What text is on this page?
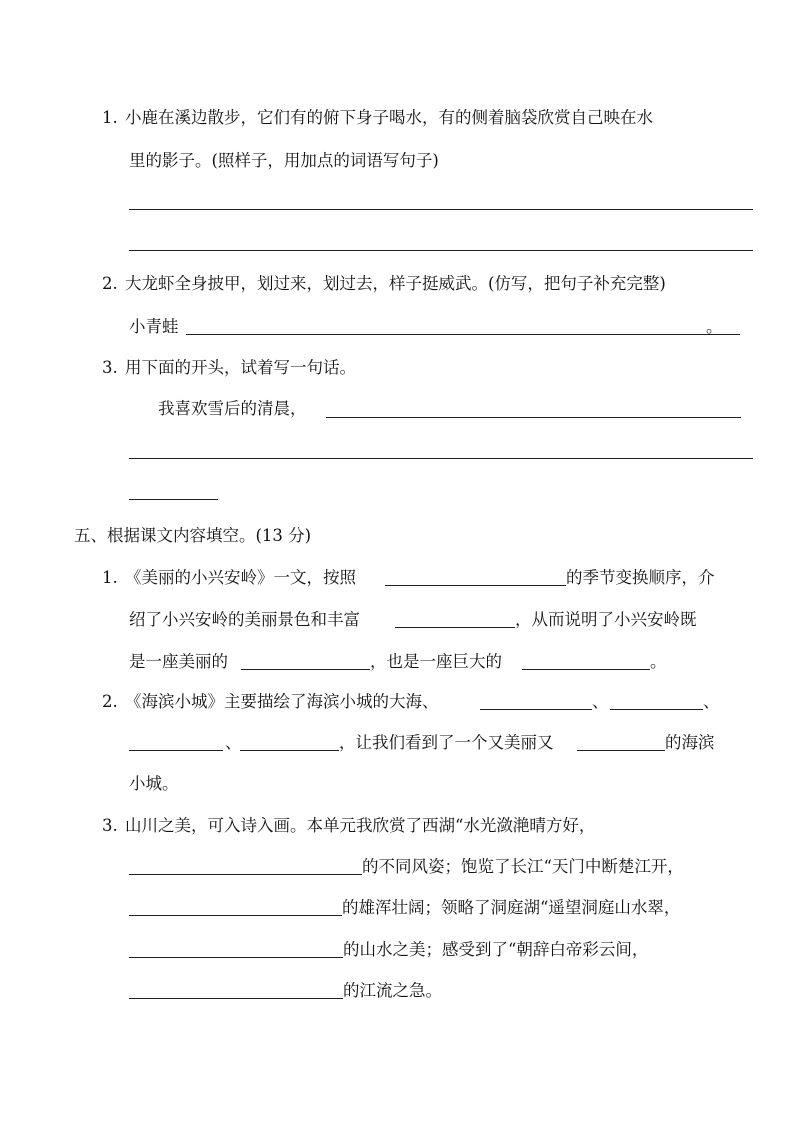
1. 小鹿在溪边散步，它们有的俯下身子喝水，有的侧着脑袋欣赏自己映在水
里的影子。(照样子，用加点的词语写句子)
2. 大龙虾全身披甲，划过来，划过去，样子挺威武。(仿写，把句子补充完整)
小青蛙	。
3. 用下面的开头，试着写一句话。
我喜欢雪后的清晨，
五、根据课文内容填空。(13 分)
1. 《美丽的小兴安岭》一文，按照	的季节变换顺序，介
绍了小兴安岭的美丽景色和丰富	，从而说明了小兴安岭既
是一座美丽的	，也是一座巨大的	。
2. 《海滨小城》主要描绘了海滨小城的大海、	、	、
、	，让我们看到了一个又美丽又	的海滨
小城。
3. 山川之美，可入诗入画。本单元我欣赏了西湖“水光潋滟晴方好，
的不同风姿；饱览了长江“天门中断楚江开，
的雄浑壮阔；领略了洞庭湖“遥望洞庭山水翠，
的山水之美；感受到了“朝辞白帝彩云间，
的江流之急。
